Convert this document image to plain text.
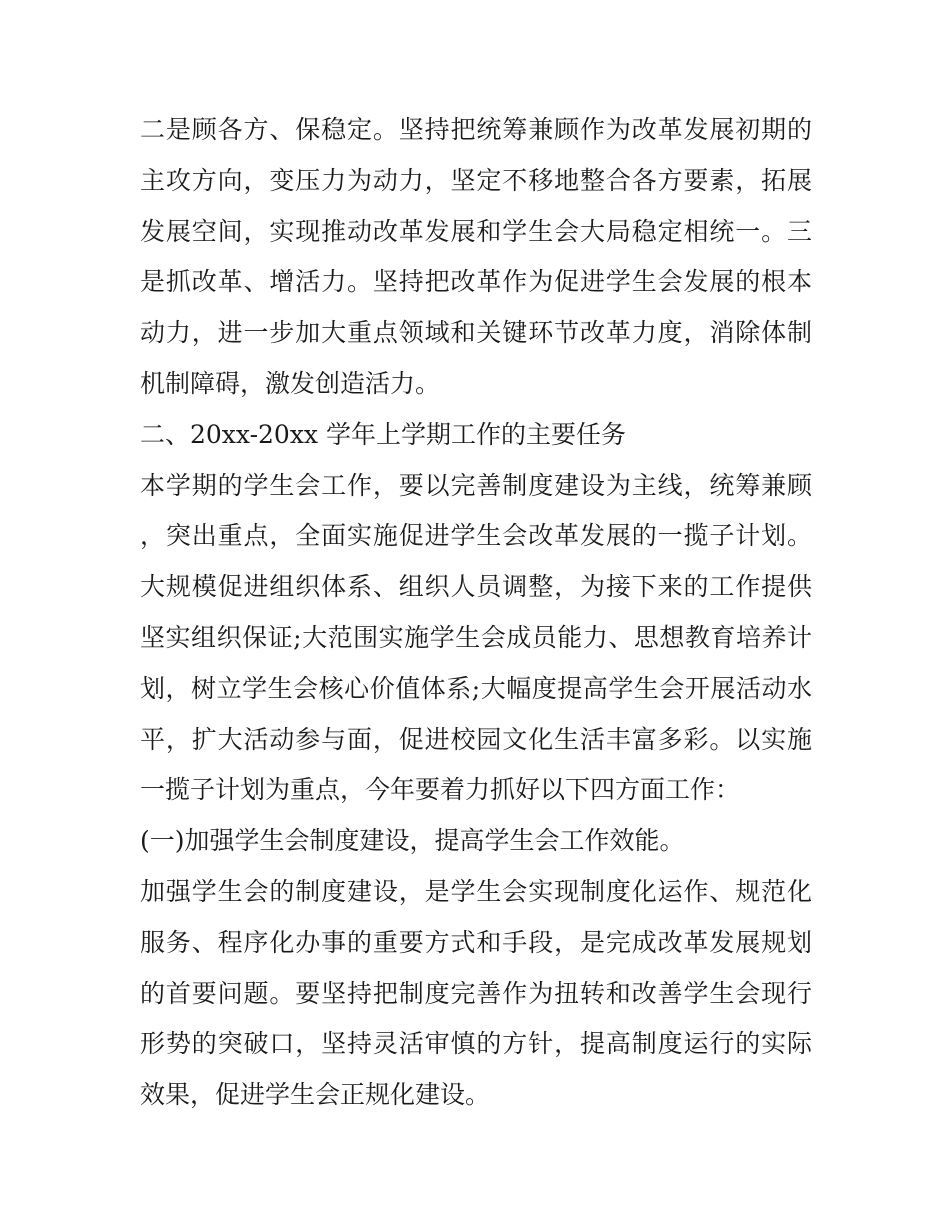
二是顾各方、保稳定。坚持把统筹兼顾作为改革发展初期的主攻方向，变压力为动力，坚定不移地整合各方要素，拓展发展空间，实现推动改革发展和学生会大局稳定相统一。三是抓改革、增活力。坚持把改革作为促进学生会发展的根本动力，进一步加大重点领域和关键环节改革力度，消除体制机制障碍，激发创造活力。

二、20xx-20xx 学年上学期工作的主要任务

本学期的学生会工作，要以完善制度建设为主线，统筹兼顾，突出重点，全面实施促进学生会改革发展的一揽子计划。大规模促进组织体系、组织人员调整，为接下来的工作提供坚实组织保证;大范围实施学生会成员能力、思想教育培养计划，树立学生会核心价值体系;大幅度提高学生会开展活动水平，扩大活动参与面，促进校园文化生活丰富多彩。以实施一揽子计划为重点，今年要着力抓好以下四方面工作：

(一)加强学生会制度建设，提高学生会工作效能。

加强学生会的制度建设，是学生会实现制度化运作、规范化服务、程序化办事的重要方式和手段，是完成改革发展规划的首要问题。要坚持把制度完善作为扭转和改善学生会现行形势的突破口，坚持灵活审慎的方针，提高制度运行的实际效果，促进学生会正规化建设。
